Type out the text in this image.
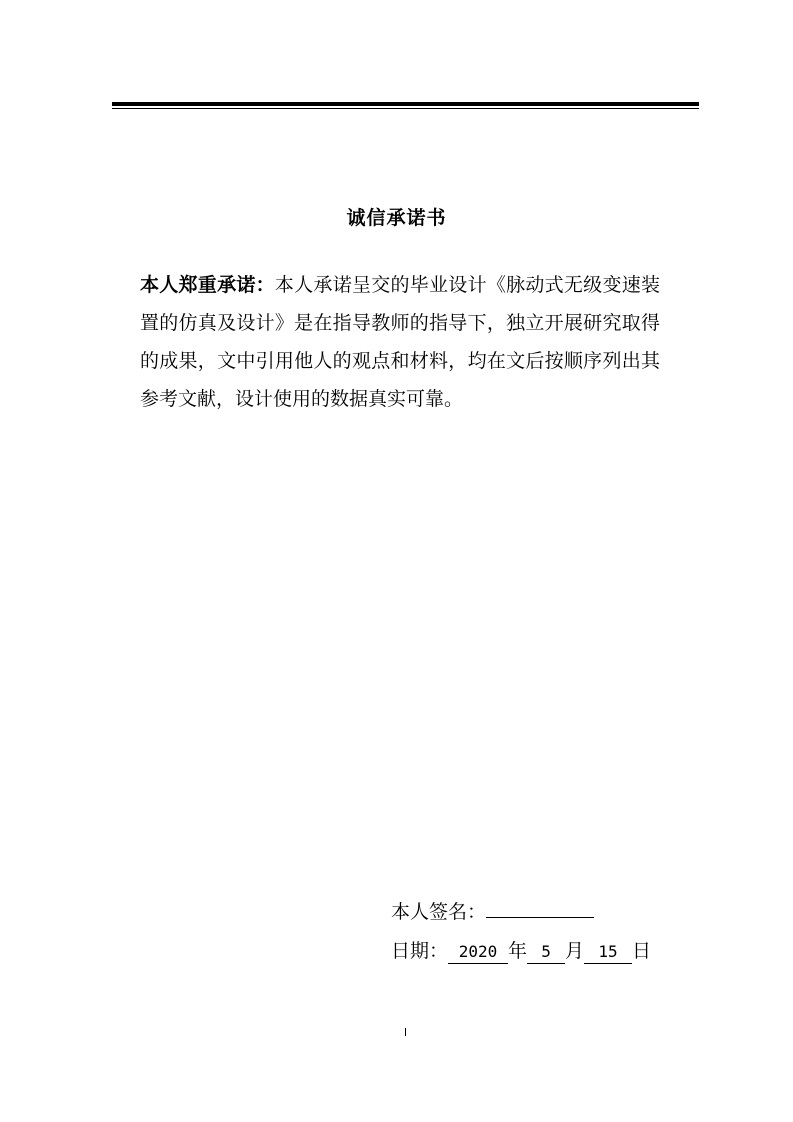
诚信承诺书
本人郑重承诺：本人承诺呈交的毕业设计《脉动式无级变速装置的仿真及设计》是在指导教师的指导下，独立开展研究取得的成果，文中引用他人的观点和材料，均在文后按顺序列出其参考文献，设计使用的数据真实可靠。
本人签名：
日期： 2020 年 5 月 15 日
